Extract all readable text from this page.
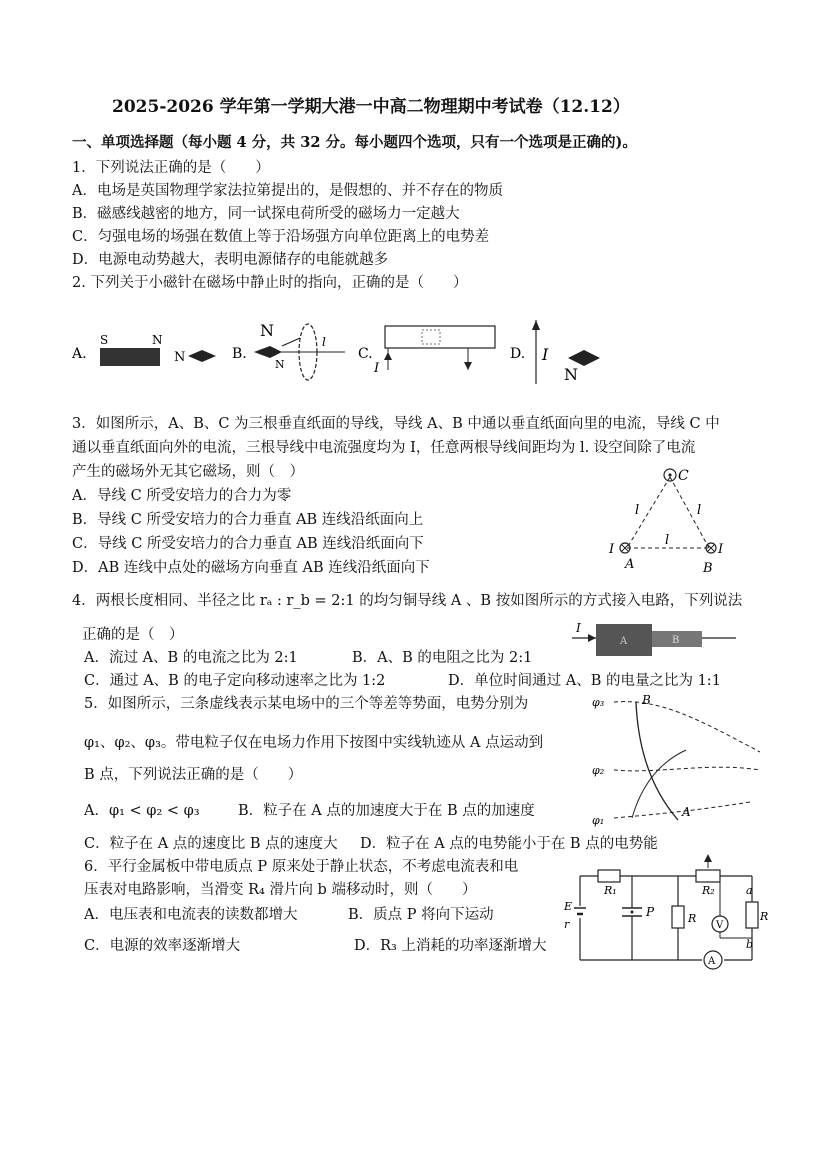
2025-2026 学年第一学期大港一中高二物理期中考试卷（12.12）
一、单项选择题（每小题 4 分，共 32 分。每小题四个选项，只有一个选项是正确的)。
1．下列说法正确的是（　　）
A．电场是英国物理学家法拉第提出的，是假想的、并不存在的物质
B．磁感线越密的地方，同一试探电荷所受的磁场力一定越大
C．匀强电场的场强在数值上等于沿场强方向单位距离上的电势差
D．电源电动势越大，表明电源储存的电能就越多
2. 下列关于小磁针在磁场中静止时的指向，正确的是（　　）
A.
S	N
N	B.
N
N
l
C.
I
D. I
N
3．如图所示，A、B、C 为三根垂直纸面的导线，导线 A、B 中通以垂直纸面向里的电流，导线 C 中
通以垂直纸面向外的电流，三根导线中电流强度均为 I，任意两根导线间距均为 l. 设空间除了电流
产生的磁场外无其它磁场，则（　）
A．导线 C 所受安培力的合力为零
B．导线 C 所受安培力的合力垂直 AB 连线沿纸面向上
C．导线 C 所受安培力的合力垂直 AB 连线沿纸面向下
D．AB 连线中点处的磁场方向垂直 AB 连线沿纸面向下
C
I	I
A	B
l	l
l
4．两根长度相同、半径之比 rₐ : r_b = 2:1 的均匀铜导线 A 、B 按如图所示的方式接入电路，下列说法
正确的是（　）
A．流过 A、B 的电流之比为 2:1	B．A、B 的电阻之比为 2:1
C．通过 A、B 的电子定向移动速率之比为 1:2	D．单位时间通过 A、B 的电量之比为 1:1
I
A	B
5．如图所示，三条虚线表示某电场中的三个等差等势面，电势分别为
φ₁、φ₂、φ₃。带电粒子仅在电场力作用下按图中实线轨迹从 A 点运动到
B 点，下列说法正确的是（　　）
A．φ₁ < φ₂ < φ₃	B．粒子在 A 点的加速度大于在 B 点的加速度
C．粒子在 A 点的速度比 B 点的速度大 D．粒子在 A 点的电势能小于在 B 点的电势能
φ₃
φ₂
φ₁
B
A
6．平行金属板中带电质点 P 原来处于静止状态，不考虑电流表和电
压表对电路影响，当滑变 R₄ 滑片向 b 端移动时，则（　　）
A．电压表和电流表的读数都增大	B．质点 P 将向下运动
C．电源的效率逐渐增大	D．R₃ 上消耗的功率逐渐增大
E
r
R₁
P	R
R₂
V
R
a
b
A
